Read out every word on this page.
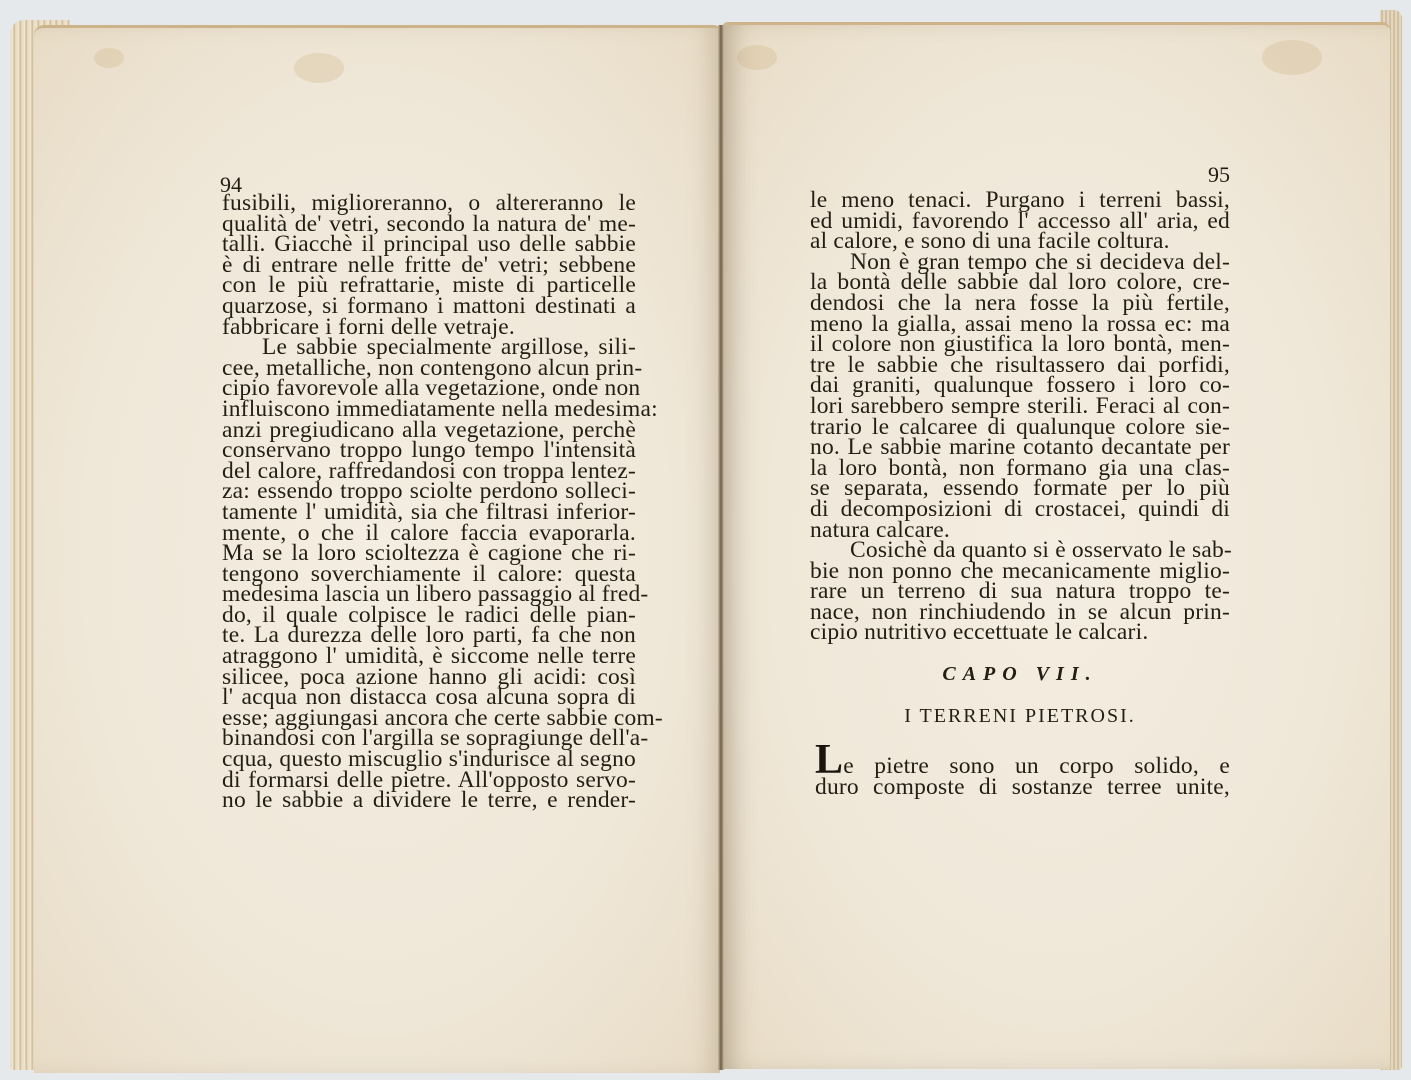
94
fusibili, miglioreranno, o altereranno le
qualità de' vetri, secondo la natura de' me-
talli. Giacchè il principal uso delle sabbie
è di entrare nelle fritte de' vetri; sebbene
con le più refrattarie, miste di particelle
quarzose, si formano i mattoni destinati a
fabbricare i forni delle vetraje.
Le sabbie specialmente argillose, sili-
cee, metalliche, non contengono alcun prin-
cipio favorevole alla vegetazione, onde non
influiscono immediatamente nella medesima:
anzi pregiudicano alla vegetazione, perchè
conservano troppo lungo tempo l'intensità
del calore, raffredandosi con troppa lentez-
za: essendo troppo sciolte perdono solleci-
tamente l' umidità, sia che filtrasi inferior-
mente, o che il calore faccia evaporarla.
Ma se la loro scioltezza è cagione che ri-
tengono soverchiamente il calore: questa
medesima lascia un libero passaggio al fred-
do, il quale colpisce le radici delle pian-
te. La durezza delle loro parti, fa che non
atraggono l' umidità, è siccome nelle terre
silicee, poca azione hanno gli acidi: così
l' acqua non distacca cosa alcuna sopra di
esse; aggiungasi ancora che certe sabbie com-
binandosi con l'argilla se sopragiunge dell'a-
cqua, questo miscuglio s'indurisce al segno
di formarsi delle pietre. All'opposto servo-
no le sabbie a dividere le terre, e render-
95
le meno tenaci. Purgano i terreni bassi,
ed umidi, favorendo l' accesso all' aria, ed
al calore, e sono di una facile coltura.
Non è gran tempo che si decideva del-
la bontà delle sabbie dal loro colore, cre-
dendosi che la nera fosse la più fertile,
meno la gialla, assai meno la rossa ec: ma
il colore non giustifica la loro bontà, men-
tre le sabbie che risultassero dai porfidi,
dai graniti, qualunque fossero i loro co-
lori sarebbero sempre sterili. Feraci al con-
trario le calcaree di qualunque colore sie-
no. Le sabbie marine cotanto decantate per
la loro bontà, non formano gia una clas-
se separata, essendo formate per lo più
di decomposizioni di crostacei, quindi di
natura calcare.
Cosichè da quanto si è osservato le sab-
bie non ponno che mecanicamente miglio-
rare un terreno di sua natura troppo te-
nace, non rinchiudendo in se alcun prin-
cipio nutritivo eccettuate le calcari.
CAPO VII.
I TERRENI PIETROSI.
Le pietre sono un corpo solido, e
duro composte di sostanze terree unite,
